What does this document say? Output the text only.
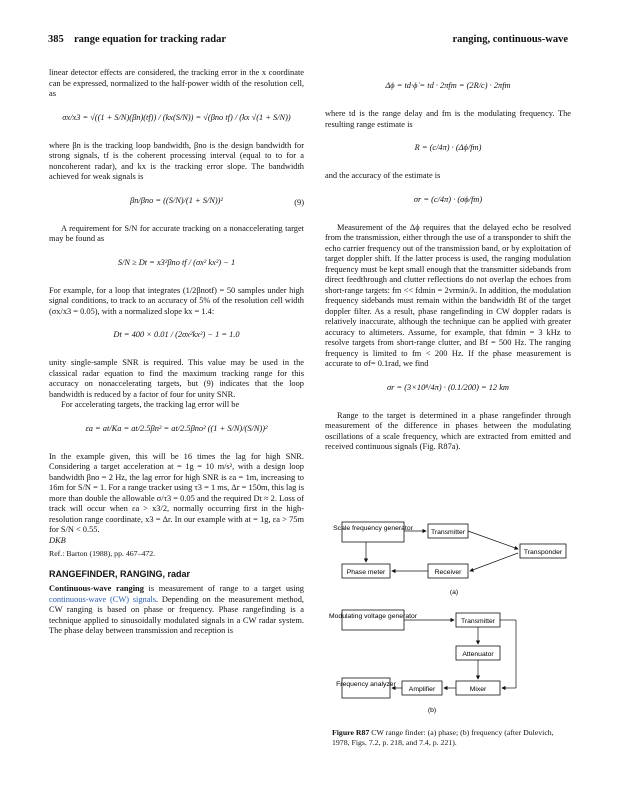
385 range equation for tracking radar	ranging, continuous-wave

linear detector effects are considered, the tracking error in the x coordinate can be expressed, normalized to the half-power width of the resolution cell, as

σx/x3 = √((1 + S/N)(βn)(tf)) / (kx(S/N)) = √(βno tf) / (kx √(1 + S/N))

where βn is the tracking loop bandwidth, βno is the design bandwidth for strong signals, tf is the coherent processing interval (equal to to for a noncoherent radar), and kx is the tracking error slope. The bandwidth achieved for weak signals is

βn/βno = ((S/N)/(1 + S/N))²	(9)

A requirement for S/N for accurate tracking on a nonaccelerating target may be found as

S/N ≥ Dt = x3²βno tf / (σx² kx²) − 1

For example, for a loop that integrates (1/2βnotf) = 50 samples under high signal conditions, to track to an accuracy of 5% of the resolution cell width (σx/x3 = 0.05), with a normalized slope kx = 1.4:

Dt = 400 × 0.01 / (2σx²kx²) − 1 = 1.0

unity single-sample SNR is required. This value may be used in the classical radar equation to find the maximum tracking range for this accuracy on nonaccelerating targets, but (9) indicates that the loop bandwidth is reduced by a factor of four for unity SNR.

For accelerating targets, the tracking lag error will be

εa = at/Ka = at/2.5βn² = at/2.5βno² ((1 + S/N)/(S/N))²

In the example given, this will be 16 times the lag for high SNR. Considering a target acceleration at = 1g = 10 m/s², with a design loop bandwidth βno = 2 Hz, the lag error for high SNR is εa = 1m, increasing to 16m for S/N = 1. For a range tracker using τ3 = 1 ms, Δr = 150m, this lag is more than double the allowable σ/τ3 = 0.05 and the required Dt ≈ 2. Loss of track will occur when εa > x3/2, normally occurring first in the high-resolution range coordinate, x3 = Δr. In our example with at = 1g, εa > 75m for S/N < 0.55.

DKB

Ref.: Barton (1988), pp. 467–472.

RANGEFINDER, RANGING, radar

Continuous-wave ranging is measurement of range to a target using continuous-wave (CW) signals. Depending on the measurement method, CW ranging is based on phase or frequency. Phase rangefinding is a technique applied to sinusoidally modulated signals in a CW radar system. The phase delay between transmission and reception is

Δϕ = td·ϕ̇ = td · 2πfm = (2R/c) · 2πfm

where td is the range delay and fm is the modulating frequency. The resulting range estimate is

R = (c/4π) · (Δϕ/fm)

and the accuracy of the estimate is

σr = (c/4π) · (σϕ/fm)

Measurement of the Δϕ requires that the delayed echo be resolved from the transmission, either through the use of a transponder to shift the echo carrier frequency out of the transmission band, or by exploitation of target doppler shift. If the latter process is used, the ranging modulation frequency must be kept small enough that the transmitter sidebands from direct feedthrough and clutter reflections do not overlap the echoes from short-range targets: fm << fdmin = 2vrmin/λ. In addition, the modulation frequency sidebands must remain within the bandwidth Bf of the target doppler filter. As a result, phase rangefinding in CW doppler radars is relatively inaccurate, although the technique can be applied with greater accuracy to altimeters. Assume, for example, that fdmin = 3 kHz to resolve targets from short-range clutter, and Bf = 500 Hz. The ranging frequency is limited to fm < 200 Hz. If the phase measurement is accurate to σf= 0.1rad, we find

σr = (3×10⁸/4π) · (0.1/200) = 12 km

Range to the target is determined in a phase rangefinder through measurement of the difference in phases between the modulating oscillations of a scale frequency, which are extracted from emitted and received continuous signals (Fig. R87a).

Scale frequency generator
Transmitter
Transponder
Phase meter	Receiver
(a)
Modulating voltage generator
Transmitter
Attenuator
Frequency analyzer
Amplifier	Mixer
(b)
Figure R87 CW range finder: (a) phase; (b) frequency (after Dulevich, 1978, Figs. 7.2, p. 218, and 7.4, p. 221).
